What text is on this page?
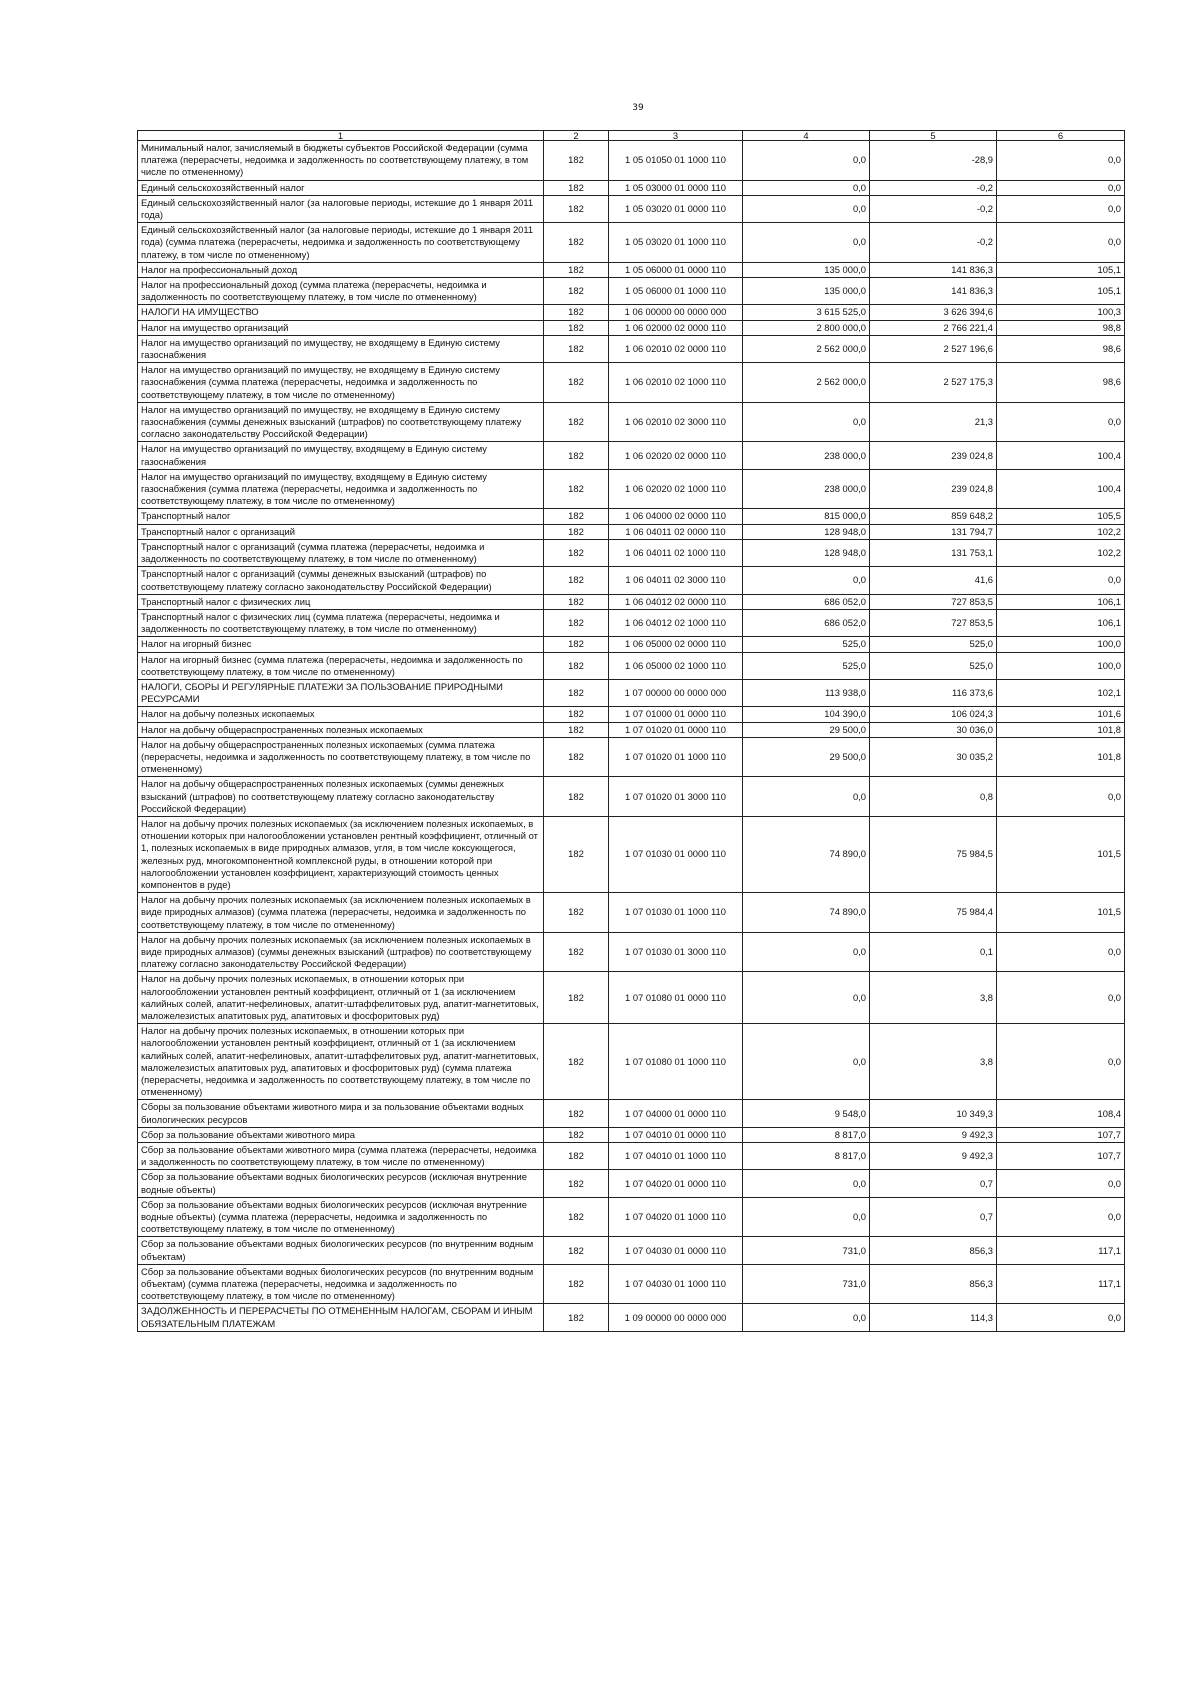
39
1	2	3	4	5	6
Минимальный налог, зачисляемый в бюджеты субъектов Российской Федерации (сумма платежа (перерасчеты, недоимка и задолженность по соответствующему платежу, в том числе по отмененному)	182	1 05 01050 01 1000 110	0,0	-28,9	0,0
Единый сельскохозяйственный налог	182	1 05 03000 01 0000 110	0,0	-0,2	0,0
Единый сельскохозяйственный налог (за налоговые периоды, истекшие до 1 января 2011 года)	182	1 05 03020 01 0000 110	0,0	-0,2	0,0
Единый сельскохозяйственный налог (за налоговые периоды, истекшие до 1 января 2011 года) (сумма платежа (перерасчеты, недоимка и задолженность по соответствующему платежу, в том числе по отмененному)	182	1 05 03020 01 1000 110	0,0	-0,2	0,0
Налог на профессиональный доход	182	1 05 06000 01 0000 110	135 000,0	141 836,3	105,1
Налог на профессиональный доход (сумма платежа (перерасчеты, недоимка и задолженность по соответствующему платежу, в том числе по отмененному)	182	1 05 06000 01 1000 110	135 000,0	141 836,3	105,1
НАЛОГИ НА ИМУЩЕСТВО	182	1 06 00000 00 0000 000	3 615 525,0	3 626 394,6	100,3
Налог на имущество организаций	182	1 06 02000 02 0000 110	2 800 000,0	2 766 221,4	98,8
Налог на имущество организаций по имуществу, не входящему в Единую систему газоснабжения	182	1 06 02010 02 0000 110	2 562 000,0	2 527 196,6	98,6
Налог на имущество организаций по имуществу, не входящему в Единую систему газоснабжения (сумма платежа (перерасчеты, недоимка и задолженность по соответствующему платежу, в том числе по отмененному)	182	1 06 02010 02 1000 110	2 562 000,0	2 527 175,3	98,6
Налог на имущество организаций по имуществу, не входящему в Единую систему газоснабжения (суммы денежных взысканий (штрафов) по соответствующему платежу согласно законодательству Российской Федерации)	182	1 06 02010 02 3000 110	0,0	21,3	0,0
Налог на имущество организаций по имуществу, входящему в Единую систему газоснабжения	182	1 06 02020 02 0000 110	238 000,0	239 024,8	100,4
Налог на имущество организаций по имуществу, входящему в Единую систему газоснабжения (сумма платежа (перерасчеты, недоимка и задолженность по соответствующему платежу, в том числе по отмененному)	182	1 06 02020 02 1000 110	238 000,0	239 024,8	100,4
Транспортный налог	182	1 06 04000 02 0000 110	815 000,0	859 648,2	105,5
Транспортный налог с организаций	182	1 06 04011 02 0000 110	128 948,0	131 794,7	102,2
Транспортный налог с организаций (сумма платежа (перерасчеты, недоимка и задолженность по соответствующему платежу, в том числе по отмененному)	182	1 06 04011 02 1000 110	128 948,0	131 753,1	102,2
Транспортный налог с организаций (суммы денежных взысканий (штрафов) по соответствующему платежу согласно законодательству Российской Федерации)	182	1 06 04011 02 3000 110	0,0	41,6	0,0
Транспортный налог с физических лиц	182	1 06 04012 02 0000 110	686 052,0	727 853,5	106,1
Транспортный налог с физических лиц (сумма платежа (перерасчеты, недоимка и задолженность по соответствующему платежу, в том числе по отмененному)	182	1 06 04012 02 1000 110	686 052,0	727 853,5	106,1
Налог на игорный бизнес	182	1 06 05000 02 0000 110	525,0	525,0	100,0
Налог на игорный бизнес (сумма платежа (перерасчеты, недоимка и задолженность по соответствующему платежу, в том числе по отмененному)	182	1 06 05000 02 1000 110	525,0	525,0	100,0
НАЛОГИ, СБОРЫ И РЕГУЛЯРНЫЕ ПЛАТЕЖИ ЗА ПОЛЬЗОВАНИЕ ПРИРОДНЫМИ РЕСУРСАМИ	182	1 07 00000 00 0000 000	113 938,0	116 373,6	102,1
Налог на добычу полезных ископаемых	182	1 07 01000 01 0000 110	104 390,0	106 024,3	101,6
Налог на добычу общераспространенных полезных ископаемых	182	1 07 01020 01 0000 110	29 500,0	30 036,0	101,8
Налог на добычу общераспространенных полезных ископаемых (сумма платежа (перерасчеты, недоимка и задолженность по соответствующему платежу, в том числе по отмененному)	182	1 07 01020 01 1000 110	29 500,0	30 035,2	101,8
Налог на добычу общераспространенных полезных ископаемых (суммы денежных взысканий (штрафов) по соответствующему платежу согласно законодательству Российской Федерации)	182	1 07 01020 01 3000 110	0,0	0,8	0,0
Налог на добычу прочих полезных ископаемых (за исключением полезных ископаемых, в отношении которых при налогообложении установлен рентный коэффициент, отличный от 1, полезных ископаемых в виде природных алмазов, угля, в том числе коксующегося, железных руд, многокомпонентной комплексной руды, в отношении которой при налогообложении установлен коэффициент, характеризующий стоимость ценных компонентов в руде)	182	1 07 01030 01 0000 110	74 890,0	75 984,5	101,5
Налог на добычу прочих полезных ископаемых (за исключением полезных ископаемых в виде природных алмазов) (сумма платежа (перерасчеты, недоимка и задолженность по соответствующему платежу, в том числе по отмененному)	182	1 07 01030 01 1000 110	74 890,0	75 984,4	101,5
Налог на добычу прочих полезных ископаемых (за исключением полезных ископаемых в виде природных алмазов) (суммы денежных взысканий (штрафов) по соответствующему платежу согласно законодательству Российской Федерации)	182	1 07 01030 01 3000 110	0,0	0,1	0,0
Налог на добычу прочих полезных ископаемых, в отношении которых при налогообложении установлен рентный коэффициент, отличный от 1 (за исключением калийных солей, апатит-нефелиновых, апатит-штаффелитовых руд, апатит-магнетитовых, маложелезистых апатитовых руд, апатитовых и фосфоритовых руд)	182	1 07 01080 01 0000 110	0,0	3,8	0,0
Налог на добычу прочих полезных ископаемых, в отношении которых при налогообложении установлен рентный коэффициент, отличный от 1 (за исключением калийных солей, апатит-нефелиновых, апатит-штаффелитовых руд, апатит-магнетитовых, маложелезистых апатитовых руд, апатитовых и фосфоритовых руд) (сумма платежа (перерасчеты, недоимка и задолженность по соответствующему платежу, в том числе по отмененному)	182	1 07 01080 01 1000 110	0,0	3,8	0,0
Сборы за пользование объектами животного мира и за пользование объектами водных биологических ресурсов	182	1 07 04000 01 0000 110	9 548,0	10 349,3	108,4
Сбор за пользование объектами животного мира	182	1 07 04010 01 0000 110	8 817,0	9 492,3	107,7
Сбор за пользование объектами животного мира (сумма платежа (перерасчеты, недоимка и задолженность по соответствующему платежу, в том числе по отмененному)	182	1 07 04010 01 1000 110	8 817,0	9 492,3	107,7
Сбор за пользование объектами водных биологических ресурсов (исключая внутренние водные объекты)	182	1 07 04020 01 0000 110	0,0	0,7	0,0
Сбор за пользование объектами водных биологических ресурсов (исключая внутренние водные объекты) (сумма платежа (перерасчеты, недоимка и задолженность по соответствующему платежу, в том числе по отмененному)	182	1 07 04020 01 1000 110	0,0	0,7	0,0
Сбор за пользование объектами водных биологических ресурсов (по внутренним водным объектам)	182	1 07 04030 01 0000 110	731,0	856,3	117,1
Сбор за пользование объектами водных биологических ресурсов (по внутренним водным объектам) (сумма платежа (перерасчеты, недоимка и задолженность по соответствующему платежу, в том числе по отмененному)	182	1 07 04030 01 1000 110	731,0	856,3	117,1
ЗАДОЛЖЕННОСТЬ И ПЕРЕРАСЧЕТЫ ПО ОТМЕНЕННЫМ НАЛОГАМ, СБОРАМ И ИНЫМ ОБЯЗАТЕЛЬНЫМ ПЛАТЕЖАМ	182	1 09 00000 00 0000 000	0,0	114,3	0,0
